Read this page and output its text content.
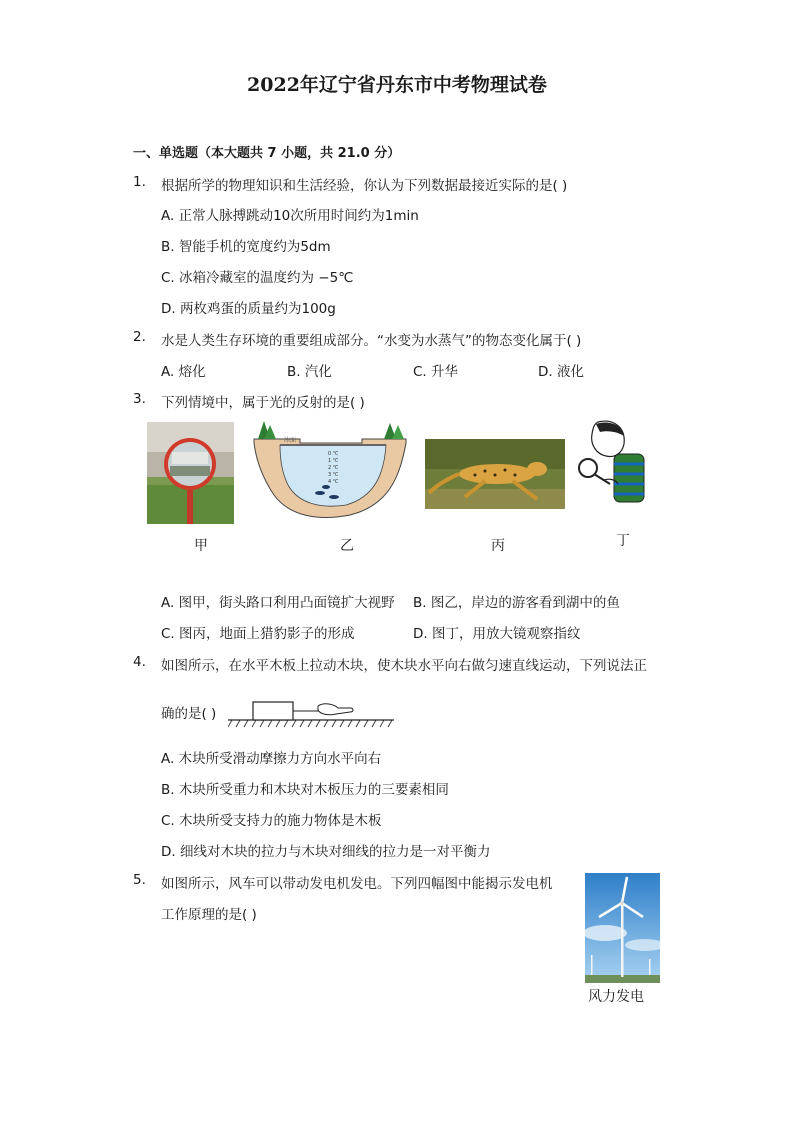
2022年辽宁省丹东市中考物理试卷
一、单选题（本大题共 7 小题，共 21.0 分）
1. 根据所学的物理知识和生活经验，你认为下列数据最接近实际的是( )
A. 正常人脉搏跳动10次所用时间约为1min
B. 智能手机的宽度约为5dm
C. 冰箱冷藏室的温度约为 −5℃
D. 两枚鸡蛋的质量约为100g
2. 水是人类生存环境的重要组成部分。“水变为水蒸气”的物态变化属于( )
A. 熔化	B. 汽化	C. 升华	D. 液化
3. 下列情境中，属于光的反射的是( )
甲
冰面
0 ℃
1 ℃
2 ℃
3 ℃
4 ℃
乙	丙	丁
A. 图甲，街头路口利用凸面镜扩大视野 B. 图乙，岸边的游客看到湖中的鱼
C. 图丙，地面上猎豹影子的形成	D. 图丁，用放大镜观察指纹
4. 如图所示，在水平木板上拉动木块，使木块水平向右做匀速直线运动，下列说法正
确的是( )
A. 木块所受滑动摩擦力方向水平向右
B. 木块所受重力和木块对木板压力的三要素相同
C. 木块所受支持力的施力物体是木板
D. 细线对木块的拉力与木块对细线的拉力是一对平衡力
5. 如图所示，风车可以带动发电机发电。下列四幅图中能揭示发电机
工作原理的是( )
风力发电
